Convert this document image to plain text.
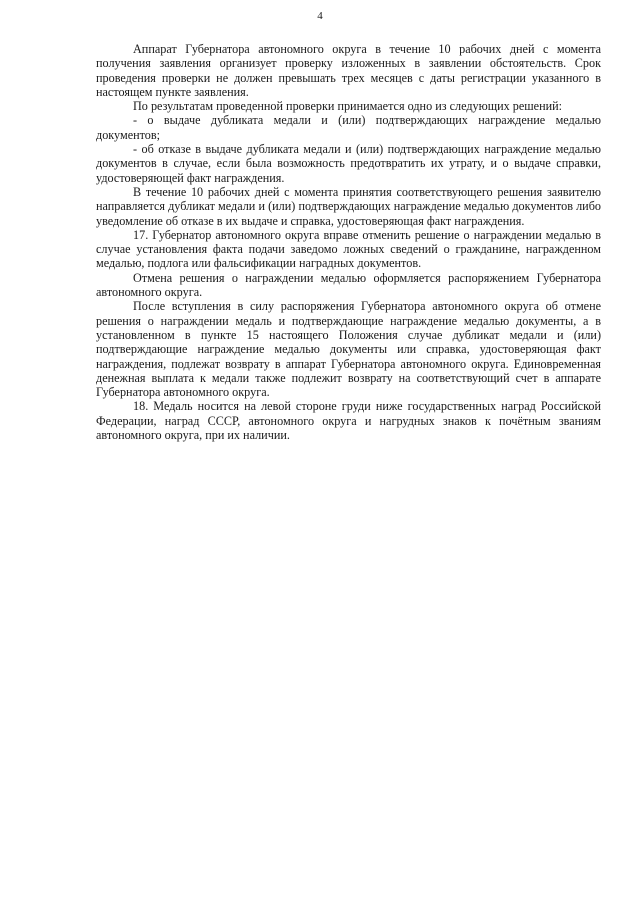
4

Аппарат Губернатора автономного округа в течение 10 рабочих дней с момента получения заявления организует проверку изложенных в заявлении обстоятельств. Срок проведения проверки не должен превышать трех месяцев с даты регистрации указанного в настоящем пункте заявления.

По результатам проведенной проверки принимается одно из следующих решений:

- о выдаче дубликата медали и (или) подтверждающих награждение медалью документов;

- об отказе в выдаче дубликата медали и (или) подтверждающих награждение медалью документов в случае, если была возможность предотвратить их утрату, и о выдаче справки, удостоверяющей факт награждения.

В течение 10 рабочих дней с момента принятия соответствующего решения заявителю направляется дубликат медали и (или) подтверждающих награждение медалью документов либо уведомление об отказе в их выдаче и справка, удостоверяющая факт награждения.

17. Губернатор автономного округа вправе отменить решение о награждении медалью в случае установления факта подачи заведомо ложных сведений о гражданине, награжденном медалью, подлога или фальсификации наградных документов.

Отмена решения о награждении медалью оформляется распоряжением Губернатора автономного округа.

После вступления в силу распоряжения Губернатора автономного округа об отмене решения о награждении медаль и подтверждающие награждение медалью документы, а в установленном в пункте 15 настоящего Положения случае дубликат медали и (или) подтверждающие награждение медалью документы или справка, удостоверяющая факт награждения, подлежат возврату в аппарат Губернатора автономного округа. Единовременная денежная выплата к медали также подлежит возврату на соответствующий счет в аппарате Губернатора автономного округа.

18. Медаль носится на левой стороне груди ниже государственных наград Российской Федерации, наград СССР, автономного округа и нагрудных знаков к почётным званиям автономного округа, при их наличии.
